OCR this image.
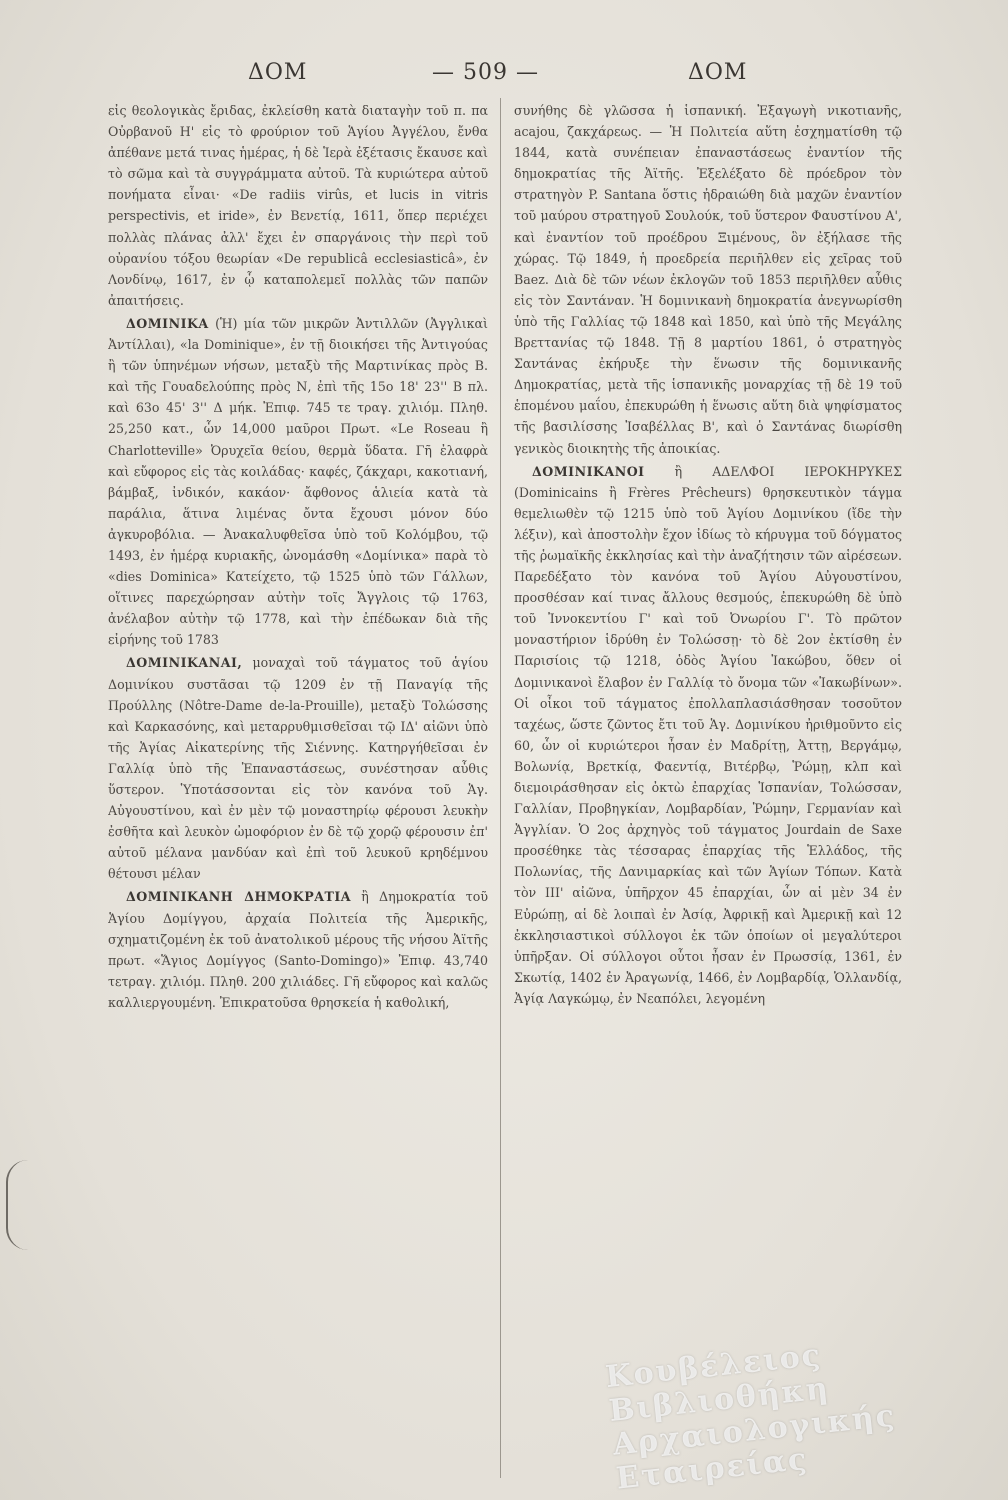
ΔΟΜ	— 509 —	ΔΟΜ

εἰς θεολογικὰς ἔριδας, ἐκλείσθη κατὰ διαταγὴν τοῦ π. πα Οὐρβανοῦ Η' εἰς τὸ φρούριον τοῦ Ἁγίου Ἀγγέλου, ἔνθα ἀπέθανε μετά τινας ἡμέρας, ἡ δὲ Ἱερὰ ἐξέτασις ἔκαυσε καὶ τὸ σῶμα καὶ τὰ συγγράμματα αὐτοῦ. Τὰ κυριώτερα αὐτοῦ πονήματα εἶναι· «De radiis virûs, et lucis in vitris perspectivis, et iride», ἐν Βενετίᾳ, 1611, ὅπερ περιέχει πολλὰς πλάνας ἀλλ' ἔχει ἐν σπαργάνοις τὴν περὶ τοῦ οὐρανίου τόξου θεωρίαν «De republicâ ecclesiasticâ», ἐν Λονδίνῳ, 1617, ἐν ᾧ καταπολεμεῖ πολλὰς τῶν παπῶν ἀπαιτήσεις.

ΔΟΜΙΝΙΚΑ (Ἡ) μία τῶν μικρῶν Ἀντιλλῶν (Ἀγγλικαὶ Ἀντίλλαι), «la Dominique», ἐν τῇ διοικήσει τῆς Ἀντιγούας ἢ τῶν ὑπηνέμων νήσων, μεταξὺ τῆς Μαρτινίκας πρὸς Β. καὶ τῆς Γουαδελούπης πρὸς Ν, ἐπὶ τῆς 15ο 18' 23'' Β πλ. καὶ 63ο 45' 3'' Δ μήκ. Ἐπιφ. 745 τε τραγ. χιλιόμ. Πληθ. 25,250 κατ., ὧν 14,000 μαῦροι Πρωτ. «Le Roseau ἢ Charlotteville» Ὀρυχεῖα θείου, θερμὰ ὕδατα. Γῆ ἐλαφρὰ καὶ εὔφορος εἰς τὰς κοιλάδας· καφές, ζάκχαρι, κακοτιανή, βάμβαξ, ἰνδικόν, κακάον· ἄφθονος ἁλιεία κατὰ τὰ παράλια, ἅτινα λιμένας ὄντα ἔχουσι μόνον δύο ἀγκυροβόλια. — Ἀνακαλυφθεῖσα ὑπὸ τοῦ Κολόμβου, τῷ 1493, ἐν ἡμέρᾳ κυριακῆς, ὠνομάσθη «Δομίνικα» παρὰ τὸ «dies Dominica» Κατείχετο, τῷ 1525 ὑπὸ τῶν Γάλλων, οἵτινες παρεχώρησαν αὐτὴν τοῖς Ἄγγλοις τῷ 1763, ἀνέλαβον αὐτὴν τῷ 1778, καὶ τὴν ἐπέδωκαν διὰ τῆς εἰρήνης τοῦ 1783

ΔΟΜΙΝΙΚΑΝΑΙ, μοναχαὶ τοῦ τάγματος τοῦ ἁγίου Δομινίκου συστᾶσαι τῷ 1209 ἐν τῇ Παναγίᾳ τῆς Προύλλης (Nôtre-Dame de-la-Prouille), μεταξὺ Τολώσσης καὶ Καρκασόνης, καὶ μεταρρυθμισθεῖσαι τῷ ΙΔ' αἰῶνι ὑπὸ τῆς Ἁγίας Αἰκατερίνης τῆς Σιέννης. Κατηργήθεῖσαι ἐν Γαλλίᾳ ὑπὸ τῆς Ἐπαναστάσεως, συνέστησαν αὖθις ὕστερον. Ὑποτάσσονται εἰς τὸν κανόνα τοῦ Ἁγ. Αὐγουστίνου, καὶ ἐν μὲν τῷ μοναστηρίῳ φέρουσι λευκὴν ἐσθῆτα καὶ λευκὸν ὠμοφόριον ἐν δὲ τῷ χορῷ φέρουσιν ἐπ' αὐτοῦ μέλανα μανδύαν καὶ ἐπὶ τοῦ λευκοῦ κρηδέμνου θέτουσι μέλαν

ΔΟΜΙΝΙΚΑΝΗ ΔΗΜΟΚΡΑΤΙΑ ἢ Δημοκρατία τοῦ Ἁγίου Δομίγγου, ἀρχαία Πολιτεία τῆς Ἀμερικῆς, σχηματιζομένη ἐκ τοῦ ἀνατολικοῦ μέρους τῆς νήσου Ἀϊτῆς πρωτ. «Ἅγιος Δομίγγος (Santo-Domingo)» Ἐπιφ. 43,740 τετραγ. χιλιόμ. Πληθ. 200 χιλιάδες. Γῆ εὔφορος καὶ καλῶς καλλιεργουμένη. Ἐπικρατοῦσα θρησκεία ἡ καθολική,

συνήθης δὲ γλῶσσα ἡ ἱσπανική. Ἐξαγωγὴ νικοτιανῆς, acajou, ζακχάρεως. — Ἡ Πολιτεία αὕτη ἐσχηματίσθη τῷ 1844, κατὰ συνέπειαν ἐπαναστάσεως ἐναντίον τῆς δημοκρατίας τῆς Ἀϊτῆς. Ἐξελέξατο δὲ πρόεδρον τὸν στρατηγὸν P. Santana ὅστις ἠδραιώθη διὰ μαχῶν ἐναντίον τοῦ μαύρου στρατηγοῦ Σουλούκ, τοῦ ὕστερον Φαυστίνου Α', καὶ ἐναντίον τοῦ προέδρου Ξιμένους, ὃν ἐξήλασε τῆς χώρας. Τῷ 1849, ἡ προεδρεία περιῆλθεν εἰς χεῖρας τοῦ Baez. Διὰ δὲ τῶν νέων ἐκλογῶν τοῦ 1853 περιῆλθεν αὖθις εἰς τὸν Σαντάναν. Ἡ δομινικανὴ δημοκρατία ἀνεγνωρίσθη ὑπὸ τῆς Γαλλίας τῷ 1848 καὶ 1850, καὶ ὑπὸ τῆς Μεγάλης Βρεττανίας τῷ 1848. Τῇ 8 μαρτίου 1861, ὁ στρατηγὸς Σαντάνας ἐκήρυξε τὴν ἕνωσιν τῆς δομινικανῆς Δημοκρατίας, μετὰ τῆς ἱσπανικῆς μοναρχίας τῇ δὲ 19 τοῦ ἑπομένου μαΐου, ἐπεκυρώθη ἡ ἕνωσις αὕτη διὰ ψηφίσματος τῆς βασιλίσσης Ἰσαβέλλας Β', καὶ ὁ Σαντάνας διωρίσθη γενικὸς διοικητὴς τῆς ἀποικίας.

ΔΟΜΙΝΙΚΑΝΟΙ ἢ ΑΔΕΛΦΟΙ ΙΕΡΟΚΗΡΥΚΕΣ (Dominicains ἢ Frères Prêcheurs) θρησκευτικὸν τάγμα θεμελιωθὲν τῷ 1215 ὑπὸ τοῦ Ἁγίου Δομινίκου (ἴδε τὴν λέξιν), καὶ ἀποστολὴν ἔχον ἰδίως τὸ κήρυγμα τοῦ δόγματος τῆς ῥωμαϊκῆς ἐκκλησίας καὶ τὴν ἀναζήτησιν τῶν αἱρέσεων. Παρεδέξατο τὸν κανόνα τοῦ Ἁγίου Αὐγουστίνου, προσθέσαν καί τινας ἄλλους θεσμούς, ἐπεκυρώθη δὲ ὑπὸ τοῦ Ἰννοκεντίου Γ' καὶ τοῦ Ὀνωρίου Γ'. Τὸ πρῶτον μοναστήριον ἱδρύθη ἐν Τολώσσῃ· τὸ δὲ 2ον ἐκτίσθη ἐν Παρισίοις τῷ 1218, ὁδὸς Ἁγίου Ἰακώβου, ὅθεν οἱ Δομινικανοὶ ἔλαβον ἐν Γαλλίᾳ τὸ ὄνομα τῶν «Ἰακωβίνων». Οἱ οἶκοι τοῦ τάγματος ἐπολλαπλασιάσθησαν τοσοῦτον ταχέως, ὥστε ζῶντος ἔτι τοῦ Ἁγ. Δομινίκου ἠριθμοῦντο εἰς 60, ὧν οἱ κυριώτεροι ἦσαν ἐν Μαδρίτῃ, Ἀττῃ, Βεργάμῳ, Βολωνίᾳ, Βρετκίᾳ, Φαεντίᾳ, Βιτέρβῳ, Ῥώμῃ, κλπ καὶ διεμοιράσθησαν εἰς ὀκτὼ ἐπαρχίας Ἱσπανίαν, Τολώσσαν, Γαλλίαν, Προβηγκίαν, Λομβαρδίαν, Ῥώμην, Γερμανίαν καὶ Ἀγγλίαν. Ὁ 2ος ἀρχηγὸς τοῦ τάγματος Jourdain de Saxe προσέθηκε τὰς τέσσαρας ἐπαρχίας τῆς Ἑλλάδος, τῆς Πολωνίας, τῆς Δανιμαρκίας καὶ τῶν Ἁγίων Τόπων. Κατὰ τὸν ΙΙΙ' αἰῶνα, ὑπῆρχον 45 ἐπαρχίαι, ὧν αἱ μὲν 34 ἐν Εὐρώπῃ, αἱ δὲ λοιπαὶ ἐν Ἀσίᾳ, Ἀφρικῇ καὶ Ἀμερικῇ καὶ 12 ἐκκλησιαστικοὶ σύλλογοι ἐκ τῶν ὁποίων οἱ μεγαλύτεροι ὑπῆρξαν. Οἱ σύλλογοι οὗτοι ἦσαν ἐν Πρωσσίᾳ, 1361, ἐν Σκωτίᾳ, 1402 ἐν Ἀραγωνίᾳ, 1466, ἐν Λομβαρδίᾳ, Ὁλλανδίᾳ, Ἀγίᾳ Λαγκώμῳ, ἐν Νεαπόλει, λεγομένη

Κουβέλειος Βιβλιοθήκη Αρχαιολογικής Εταιρείας
